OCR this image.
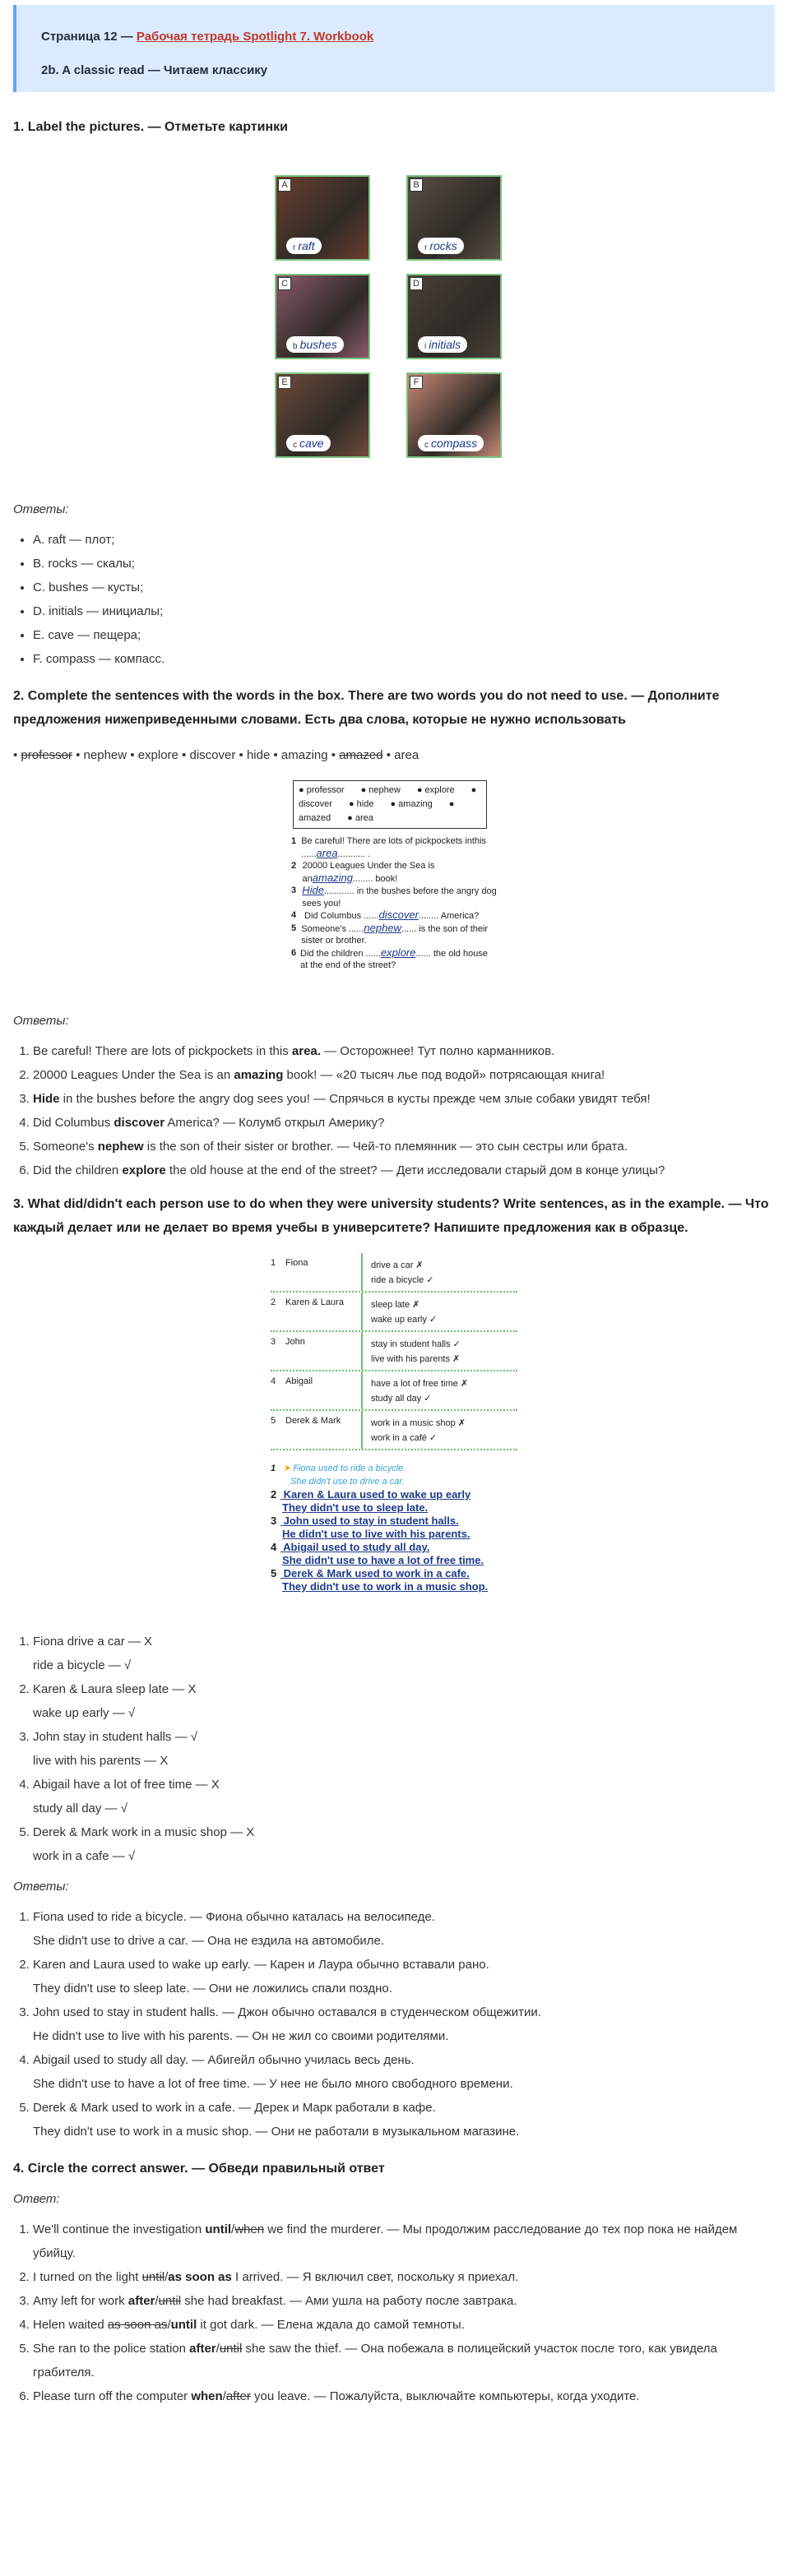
Страница 12 — Рабочая тетрадь Spotlight 7. Workbook
2b. A classic read — Читаем классику
1. Label the pictures. — Отметьте картинки
A
r raft
B
r rocks
C
b bushes
D
i initials
E
c cave
F
c compass
Ответы:
• A. raft — плот;
• B. rocks — скалы;
• C. bushes — кусты;
• D. initials — инициалы;
• E. cave — пещера;
• F. compass — компасс.
2. Complete the sentences with the words in the box. There are two words you do not need to use. — Дополните предложения нижеприведенными словами. Есть два слова, которые не нужно использовать
• professor • nephew • explore • discover • hide • amazing • amazed • area
● professor ● nephew ● explore ● discover ● hide ● amazing ● amazed ● area
1 Be careful! There are lots of pickpockets inthis ......area........... .
2 20000 Leagues Under the Sea is anamazing........ book!
3 Hide............ in the bushes before the angry dog sees you!
4 Did Columbus ......discover........ America?
5 Someone's ......nephew...... is the son of their sister or brother.
6 Did the children ......explore...... the old house at the end of the street?
Ответы:
1. Be careful! There are lots of pickpockets in this area. — Осторожнее! Тут полно карманников.
2. 20000 Leagues Under the Sea is an amazing book! — «20 тысяч лье под водой» потрясающая книга!
3. Hide in the bushes before the angry dog sees you! — Спрячься в кусты прежде чем злые собаки увидят тебя!
4. Did Columbus discover America? — Колумб открыл Америку?
5. Someone's nephew is the son of their sister or brother. — Чей-то племянник — это сын сестры или брата.
6. Did the children explore the old house at the end of the street? — Дети исследовали старый дом в конце улицы?
3. What did/didn't each person use to do when they were university students? Write sentences, as in the example. — Что каждый делает или не делает во время учебы в университете? Напишите предложения как в образце.
1	Fiona	drive a car ✗
ride a bicycle ✓
2	Karen & Laura	sleep late ✗
wake up early ✓
3	John	stay in student halls ✓
live with his parents ✗
4	Abigail	have a lot of free time ✗
study all day ✓
5	Derek & Mark	work in a music shop ✗
work in a café ✓
1 ➤ Fiona used to ride a bicycle.
She didn't use to drive a car.
2 Karen & Laura used to wake up early
They didn't use to sleep late.
3 John used to stay in student halls.
He didn't use to live with his parents.
4 Abigail used to study all day.
She didn't use to have a lot of free time.
5 Derek & Mark used to work in a cafe.
They didn't use to work in a music shop.
1. Fiona drive a car — X
ride a bicycle — √
2. Karen & Laura sleep late — X
wake up early — √
3. John stay in student halls — √
live with his parents — X
4. Abigail have a lot of free time — X
study all day — √
5. Derek & Mark work in a music shop — X
work in a cafe — √
Ответы:
1. Fiona used to ride a bicycle. — Фиона обычно каталась на велосипеде.
She didn't use to drive a car. — Она не ездила на автомобиле.
2. Karen and Laura used to wake up early. — Карен и Лаура обычно вставали рано.
They didn't use to sleep late. — Они не ложились спали поздно.
3. John used to stay in student halls. — Джон обычно оставался в студенческом общежитии.
He didn't use to live with his parents. — Он не жил со своими родителями.
4. Abigail used to study all day. — Абигейл обычно училась весь день.
She didn't use to have a lot of free time. — У нее не было много свободного времени.
5. Derek & Mark used to work in a cafe. — Дерек и Марк работали в кафе.
They didn't use to work in a music shop. — Они не работали в музыкальном магазине.
4. Circle the correct answer. — Обведи правильный ответ
Ответ:
1. We'll continue the investigation until/when we find the murderer. — Мы продолжим расследование до тех пор пока не найдем убийцу.
2. I turned on the light until/as soon as I arrived. — Я включил свет, поскольку я приехал.
3. Amy left for work after/until she had breakfast. — Ами ушла на работу после завтрака.
4. Helen waited as soon as/until it got dark. — Елена ждала до самой темноты.
5. She ran to the police station after/until she saw the thief. — Она побежала в полицейский участок после того, как увидела грабителя.
6. Please turn off the computer when/after you leave. — Пожалуйста, выключайте компьютеры, когда уходите.
